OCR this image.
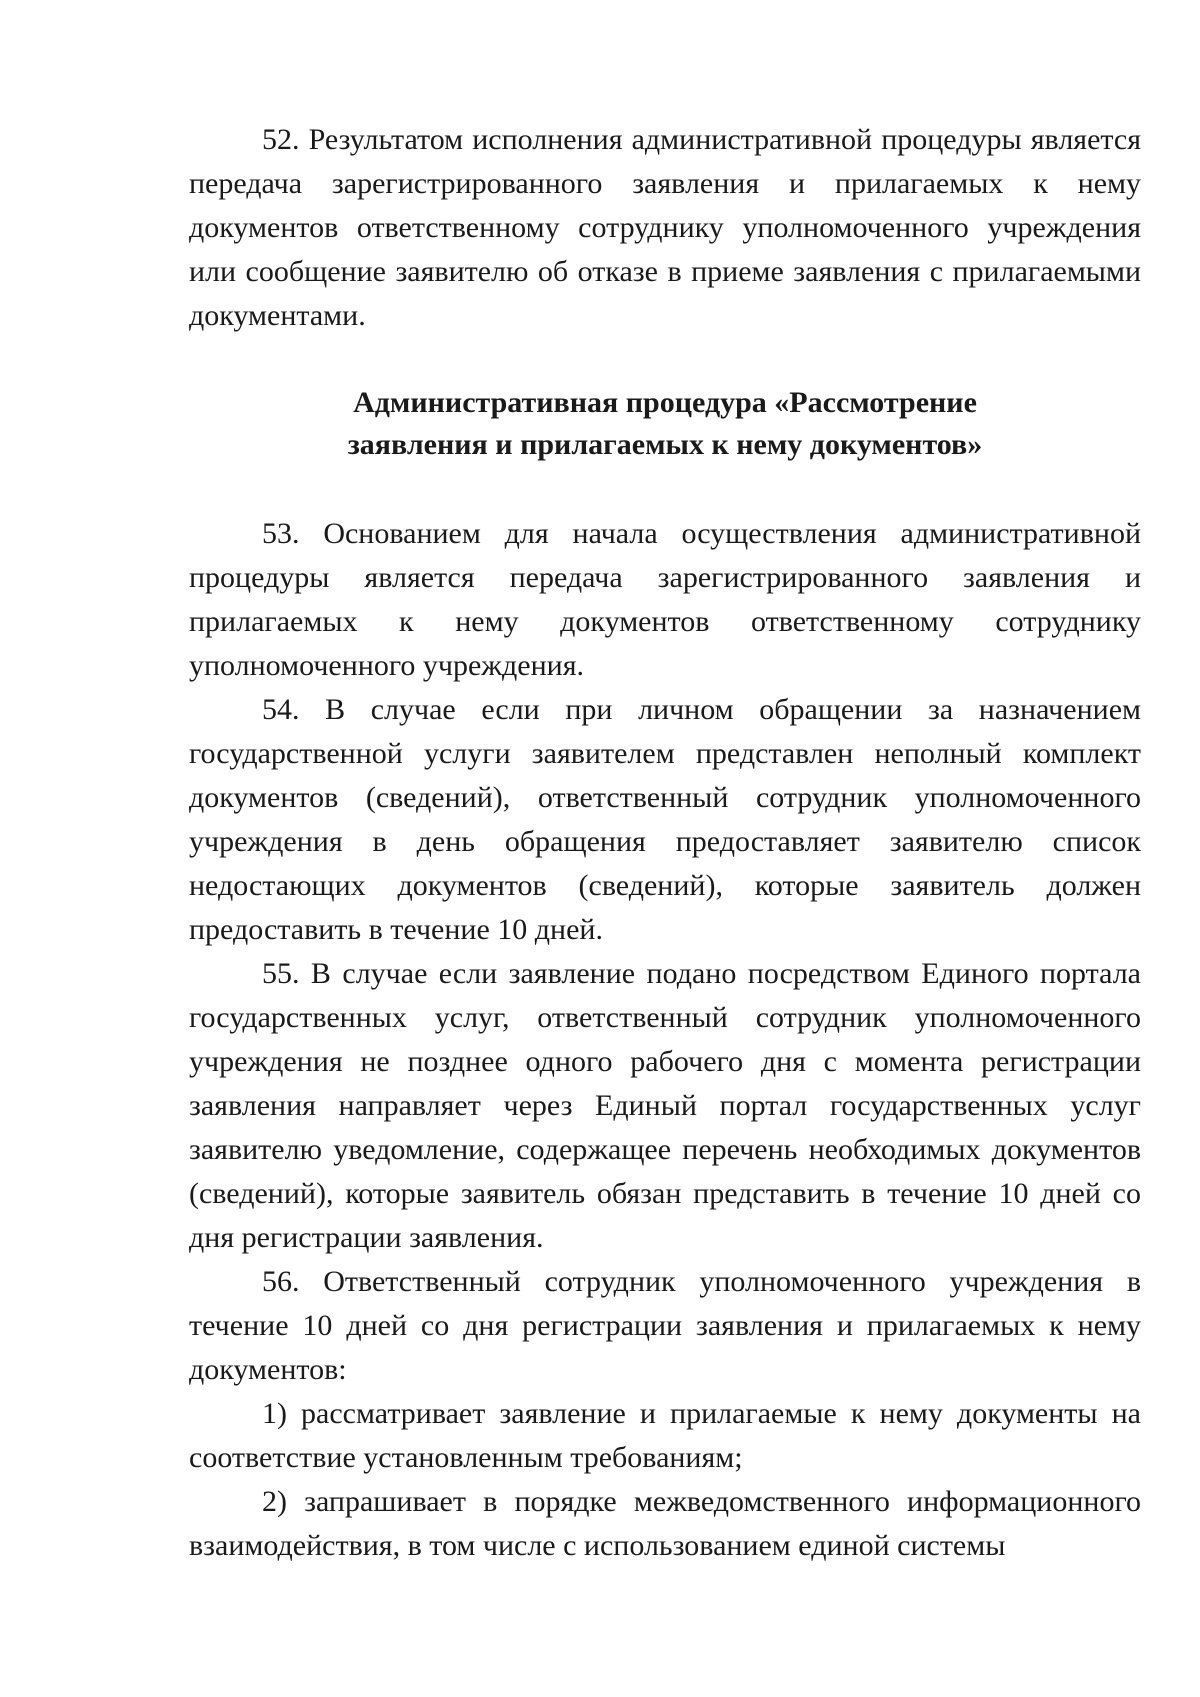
52. Результатом исполнения административной процедуры является передача зарегистрированного заявления и прилагаемых к нему документов ответственному сотруднику уполномоченного учреждения или сообщение заявителю об отказе в приеме заявления с прилагаемыми документами.

Административная процедура «Рассмотрение
заявления и прилагаемых к нему документов»

53. Основанием для начала осуществления административной процедуры является передача зарегистрированного заявления и прилагаемых к нему документов ответственному сотруднику уполномоченного учреждения.

54. В случае если при личном обращении за назначением государственной услуги заявителем представлен неполный комплект документов (сведений), ответственный сотрудник уполномоченного учреждения в день обращения предоставляет заявителю список недостающих документов (сведений), которые заявитель должен предоставить в течение 10 дней.

55. В случае если заявление подано посредством Единого портала государственных услуг, ответственный сотрудник уполномоченного учреждения не позднее одного рабочего дня с момента регистрации заявления направляет через Единый портал государственных услуг заявителю уведомление, содержащее перечень необходимых документов (сведений), которые заявитель обязан представить в течение 10 дней со дня регистрации заявления.

56. Ответственный сотрудник уполномоченного учреждения в течение 10 дней со дня регистрации заявления и прилагаемых к нему документов:

1) рассматривает заявление и прилагаемые к нему документы на соответствие установленным требованиям;

2) запрашивает в порядке межведомственного информационного взаимодействия, в том числе с использованием единой системы
